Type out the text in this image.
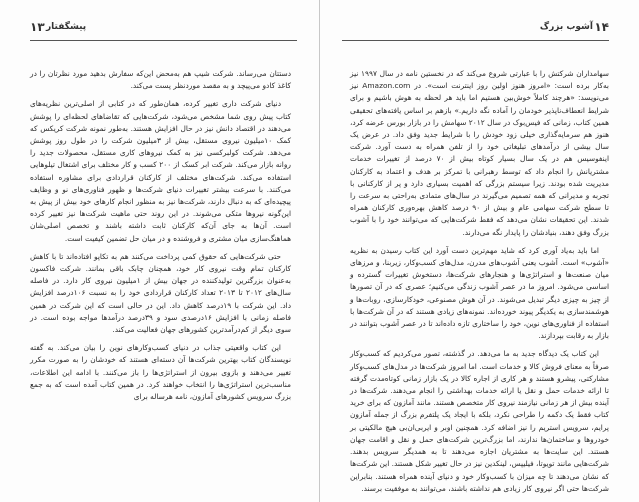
۱۳ پیشگفتار

دستتان می‌رساند. شرکت شیپ هم به‌محض این‌که سفارش بدهید مورد نظرتان را در کاغذ کادو می‌پیچد و به مقصد موردنظر پست می‌کند.

دنیای شرکت داری تغییر کرده، همان‌طور که در کتابی از اصلی‌ترین نظریه‌های کتاب پیش روی شما مشخص می‌شود، شرکت‌هایی که تقاضاهای لحظه‌ای را پوشش می‌دهند در اقتصاد دانش نیز در حال افزایش هستند. به‌طور نمونه شرکت کریکس که کمک ۱۰میلیون نیروی مستقل، بیش از ۳میلیون شرکت را در طول روز پوشش می‌دهد. شرکت کولبرکسی نیز به کمک نیروهای کاری مستقل، محصولات جدید را روانه بازار می‌کند. شرکت ابر کسک از ۲۰۰ کسب و کار مختلف برای اشتغال تیلوهایی استفاده می‌کند. شرکت‌های مختلف از کارکنان قراردادی برای مشاوره استفاده می‌کنند. با سرعت بیشتر تغییرات دنیای شرکت‌ها و ظهور فناوری‌های نو و وظایف پیچیده‌ای که به دنبال دارند، شرکت‌ها نیز به منظور انجام کارهای خود بیش از پیش به این‌گونه نیروها متکی می‌شوند. در این روند حتی ماهیت شرکت‌ها نیز تغییر کرده است. آن‌ها به جای آن‌که کارکنان ثابت داشته باشند و تخصص اصلی‌شان هماهنگ‌سازی میان مشتری و فروشنده و در میان حل تضمین کیفیت است.

حتی شرکت‌هایی که حقوق کمی پرداخت می‌کنند هم به تکاپو افتاده‌اند تا با کاهش کارکنان تمام وقت نیروی کار خود، همچنان چابک باقی بمانند. شرکت فاکسون به‌عنوان بزرگترین تولیدکننده در جهان بیش از ۱میلیون نیروی کار دارد. در فاصله سال‌های ۲۰۱۲ تا ۲۰۱۳ تعداد کارکنان قراردادی خود را به نسبت ۱۰۶درصد افزایش داد. این شرکت با ۱۹درصد کاهش داد. این در حالی است که این شرکت در همین فاصله زمانی با افزایش ۱۶درصدی سود و ۳۹درصد درآمدها مواجه بوده است. در سوی دیگر از کم‌درآمدترین کشورهای جهان فعالیت می‌کند.

این کتاب واقعیتی جذاب در دنیای کسب‌وکارهای نوین را بیان می‌کند. به گفته نویسندگان کتاب بهترین شرکت‌ها آن دسته‌ای هستند که خودشان را به صورت مکرر تغییر می‌دهند و بازوی بیرون از استراتژی‌ها را باز می‌کنند. با ادامه این اطلاعات، مناسب‌ترین استراتژی‌ها را انتخاب خواهند کرد. در همین کتاب آمده است که به جمع بزرگ سرویس کشورهای آمازون، نامه هرساله برای

۱۴
آشوب بزرگ

سهامداران شرکتش را با عبارتی شروع می‌کند که در نخستین نامه در سال ۱۹۹۷ نیز به‌کار برده است: «امروز هنوز اولین روز اینترنت است». در Amazon.com نیز می‌نویسد: «هرچند کاملاً خوش‌بین هستیم اما باید هر لحظه به هوش باشیم و برای شرایط انعطاف‌ناپذیر خودمان را آماده نگه داریم.» بازهم بر اساس یافته‌های تحقیقی همین کتاب، زمانی که فیس‌بوک در سال ۲۰۱۲ سهامش را در بازار بورس عرضه کرد، هنوز هم سرمایه‌گذاری خیلی زود خودش را با شرایط جدید وفق داد. در عرض یک سال بیشی از درآمدهای تبلیغاتی خود را از تلفن همراه به دست آورد. شرکت اینفوسیس هم در یک سال بسیار کوتاه بیش از ۷۰ درصد از تغییرات خدمات مشتریانش را انجام داد که توسط رهبرانی با تمرکز بر هدف و اعتماد به کارکنان مدیریت شده بودند. زیرا سیستم بزرگی که اهمیت بسیاری دارد و پر از کارکنانی با تجربه و مدیرانی که همه تصمیم می‌گیرند در سال‌های متمادی به‌راحتی به سرعت را تا سطح شرکت سهامی عام و بیش از ۹۰ درصد کاهش بهره‌وری کارکنان همراه شدند. این تحقیقات نشان می‌دهد که فقط شرکت‌هایی که می‌توانند خود را با آشوب بزرگ وفق دهند، بنیادشان را پایدار نگه می‌دارند.

اما باید به‌یاد آوری کرد که شاید مهم‌ترین دست آورد این کتاب رسیدن به نظریه «آشوب» است. آشوب یعنی آشوب‌های مدرن، مدل‌های کسب‌وکار، زیربنا، و مرزهای میان صنعت‌ها و استراتژی‌ها و هنجارهای شرکت‌ها، دستخوش تغییرات گسترده و اساسی می‌شود. امروز ما در عصر آشوب زندگی می‌کنیم؛ عصری که در آن تصورها از چیز به چیزی دیگر تبدیل می‌شوند. در آن هوش مصنوعی، خودکارسازی، روبات‌ها و هوشمندسازی به یکدیگر پیوند خورده‌اند. نمونه‌های زیادی هستند که در آن شرکت‌ها با استفاده از فناوری‌های نوین، خود را ساختاری تازه داده‌اند تا در عصر آشوب بتوانند در بازار به رقابت بپردازند.

این کتاب یک دیدگاه جدید به ما می‌دهد. در گذشته، تصور می‌کردیم که کسب‌وکار صرفاً به معنای فروش کالا و خدمات است. اما امروز شرکت‌ها در مدل‌های کسب‌وکار مشارکتی، پیشرو هستند و هر کاری از اجاره کالا در یک بازار زمانی کوتاه‌مدت گرفته تا ارائه خدمات حمل و نقل یا ارائه خدمات بهداشتی را انجام می‌دهند. شرکت‌ها در آینده بیش از هر زمانی نیازمند نیروی کار متخصص هستند. مانند آمازون که برای خرید کتاب فقط یک دکمه را طراحی نکرد، بلکه با ایجاد یک پلتفرم بزرگ از جمله آمازون پرایم، سرویس استریم را نیز اضافه کرد. همچنین اوبر و ایربی‌ان‌بی هیچ مالکیتی بر خودروها و ساختمان‌ها ندارند، اما بزرگ‌ترین شرکت‌های حمل و نقل و اقامت جهان هستند. این سایت‌ها به مشتریان اجازه می‌دهند تا به همدیگر سرویس بدهند. شرکت‌هایی مانند تویوتا، فیلیپس، لینکدین نیز در حال تغییر شکل هستند. این شرکت‌ها که نشان می‌دهند تا چه میزان با کسب‌وکار خود و دنیای آینده همراه هستند. بنابراین شرکت‌ها حتی اگر نیروی کار زیادی هم نداشته باشند، می‌توانند به موفقیت برسند.
